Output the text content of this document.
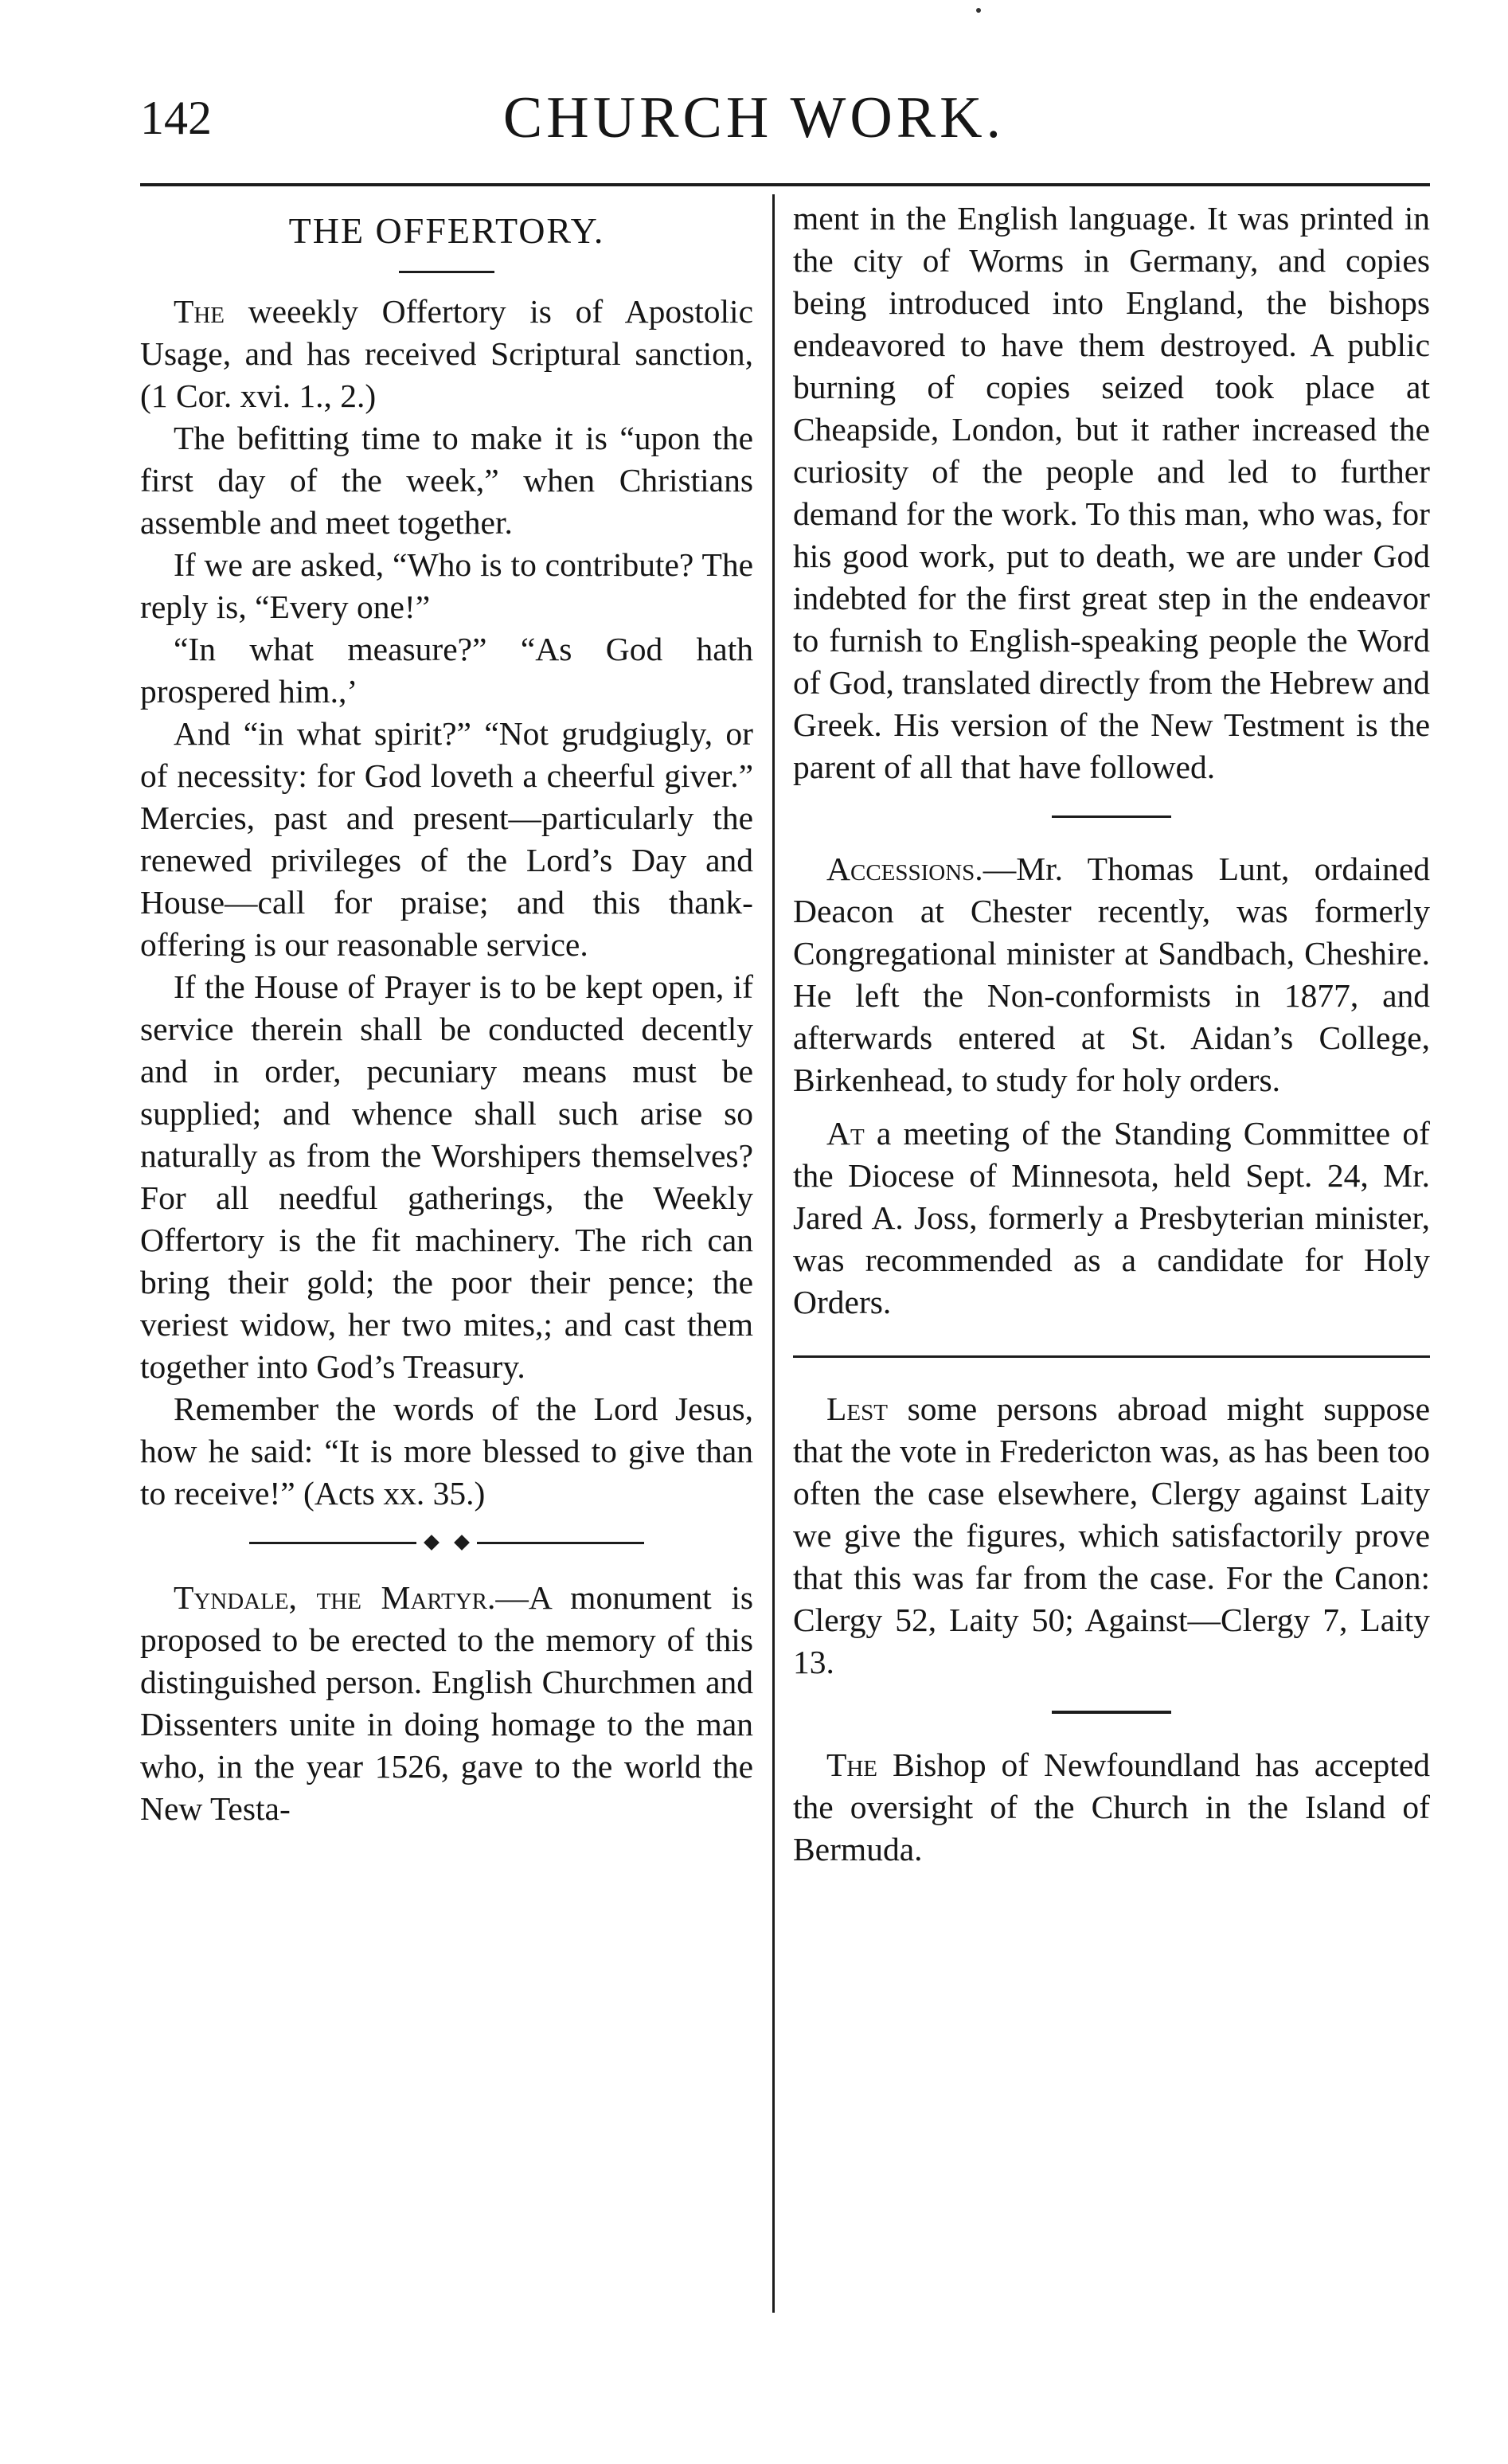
142	CHURCH WORK.
THE OFFERTORY.

The weeekly Offertory is of Apostolic Usage, and has received Scriptural sanction, (1 Cor. xvi. 1., 2.)

The befitting time to make it is “upon the first day of the week,” when Christians assemble and meet together.

If we are asked, “Who is to contribute? The reply is, “Every one!”

“In what measure?” “As God hath prospered him.,’

And “in what spirit?” “Not grudgiugly, or of necessity: for God loveth a cheerful giver.” Mercies, past and present—particularly the renewed privileges of the Lord’s Day and House—call for praise; and this thank-offering is our reasonable service.

If the House of Prayer is to be kept open, if service therein shall be conducted decently and in order, pecuniary means must be supplied; and whence shall such arise so naturally as from the Worshipers themselves? For all needful gatherings, the Weekly Offertory is the fit machinery. The rich can bring their gold; the poor their pence; the veriest widow, her two mites,; and cast them together into God’s Treasury.

Remember the words of the Lord Jesus, how he said: “It is more blessed to give than to receive!” (Acts xx. 35.)

Tyndale, the Martyr.—A monument is proposed to be erected to the memory of this distinguished person. English Churchmen and Dissenters unite in doing homage to the man who, in the year 1526, gave to the world the New Testa-

ment in the English language. It was printed in the city of Worms in Germany, and copies being introduced into England, the bishops endeavored to have them destroyed. A public burning of copies seized took place at Cheapside, London, but it rather increased the curiosity of the people and led to further demand for the work. To this man, who was, for his good work, put to death, we are under God indebted for the first great step in the endeavor to furnish to English-speaking people the Word of God, translated directly from the Hebrew and Greek. His version of the New Testment is the parent of all that have followed.

Accessions.—Mr. Thomas Lunt, ordained Deacon at Chester recently, was formerly Congregational minister at Sandbach, Cheshire. He left the Non-conformists in 1877, and afterwards entered at St. Aidan’s College, Birkenhead, to study for holy orders.

At a meeting of the Standing Committee of the Diocese of Minnesota, held Sept. 24, Mr. Jared A. Joss, formerly a Presbyterian minister, was recommended as a candidate for Holy Orders.

Lest some persons abroad might suppose that the vote in Fredericton was, as has been too often the case elsewhere, Clergy against Laity we give the figures, which satisfactorily prove that this was far from the case. For the Canon: Clergy 52, Laity 50; Against—Clergy 7, Laity 13.

The Bishop of Newfoundland has accepted the oversight of the Church in the Island of Bermuda.
